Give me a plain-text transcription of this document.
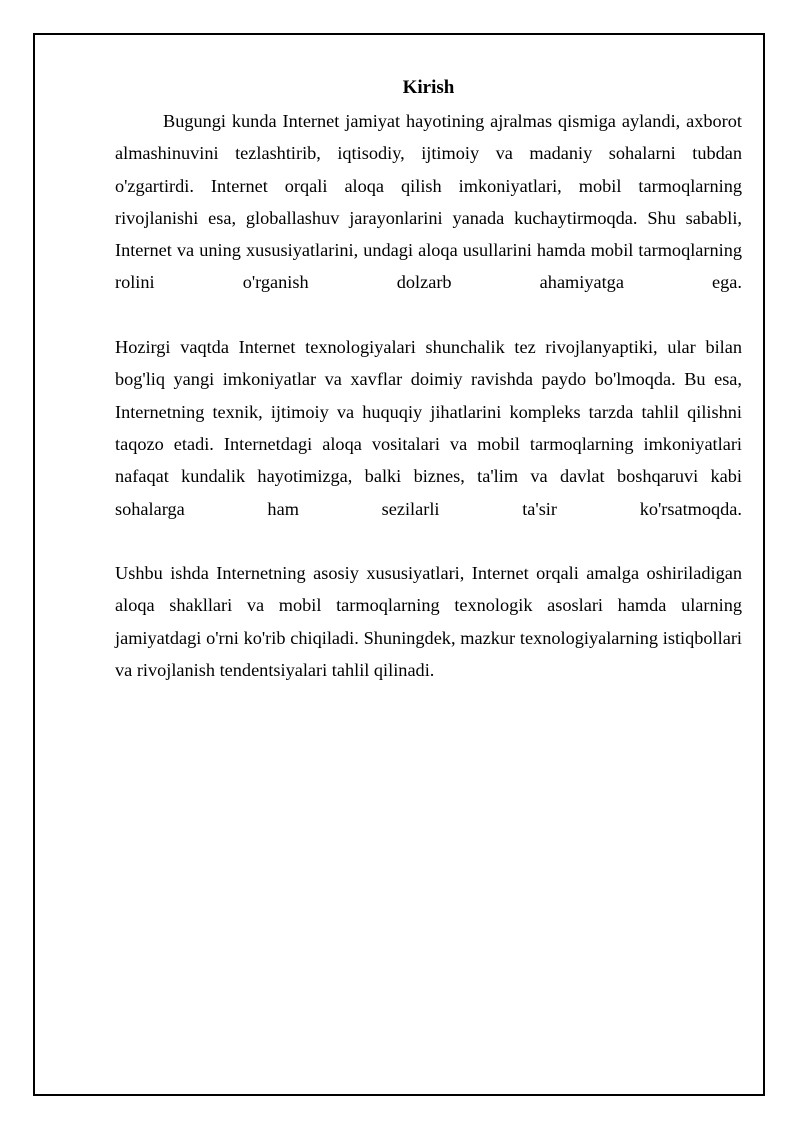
Kirish

Bugungi kunda Internet jamiyat hayotining ajralmas qismiga aylandi, axborot almashinuvini tezlashtirib, iqtisodiy, ijtimoiy va madaniy sohalarni tubdan o'zgartirdi. Internet orqali aloqa qilish imkoniyatlari, mobil tarmoqlarning rivojlanishi esa, globallashuv jarayonlarini yanada kuchaytirmoqda. Shu sababli, Internet va uning xususiyatlarini, undagi aloqa usullarini hamda mobil tarmoqlarning rolini o'rganish dolzarb ahamiyatga ega.

Hozirgi vaqtda Internet texnologiyalari shunchalik tez rivojlanyaptiki, ular bilan bog'liq yangi imkoniyatlar va xavflar doimiy ravishda paydo bo'lmoqda. Bu esa, Internetning texnik, ijtimoiy va huquqiy jihatlarini kompleks tarzda tahlil qilishni taqozo etadi. Internetdagi aloqa vositalari va mobil tarmoqlarning imkoniyatlari nafaqat kundalik hayotimizga, balki biznes, ta'lim va davlat boshqaruvi kabi sohalarga ham sezilarli ta'sir ko'rsatmoqda.

Ushbu ishda Internetning asosiy xususiyatlari, Internet orqali amalga oshiriladigan aloqa shakllari va mobil tarmoqlarning texnologik asoslari hamda ularning jamiyatdagi o'rni ko'rib chiqiladi. Shuningdek, mazkur texnologiyalarning istiqbollari va rivojlanish tendentsiyalari tahlil qilinadi.
